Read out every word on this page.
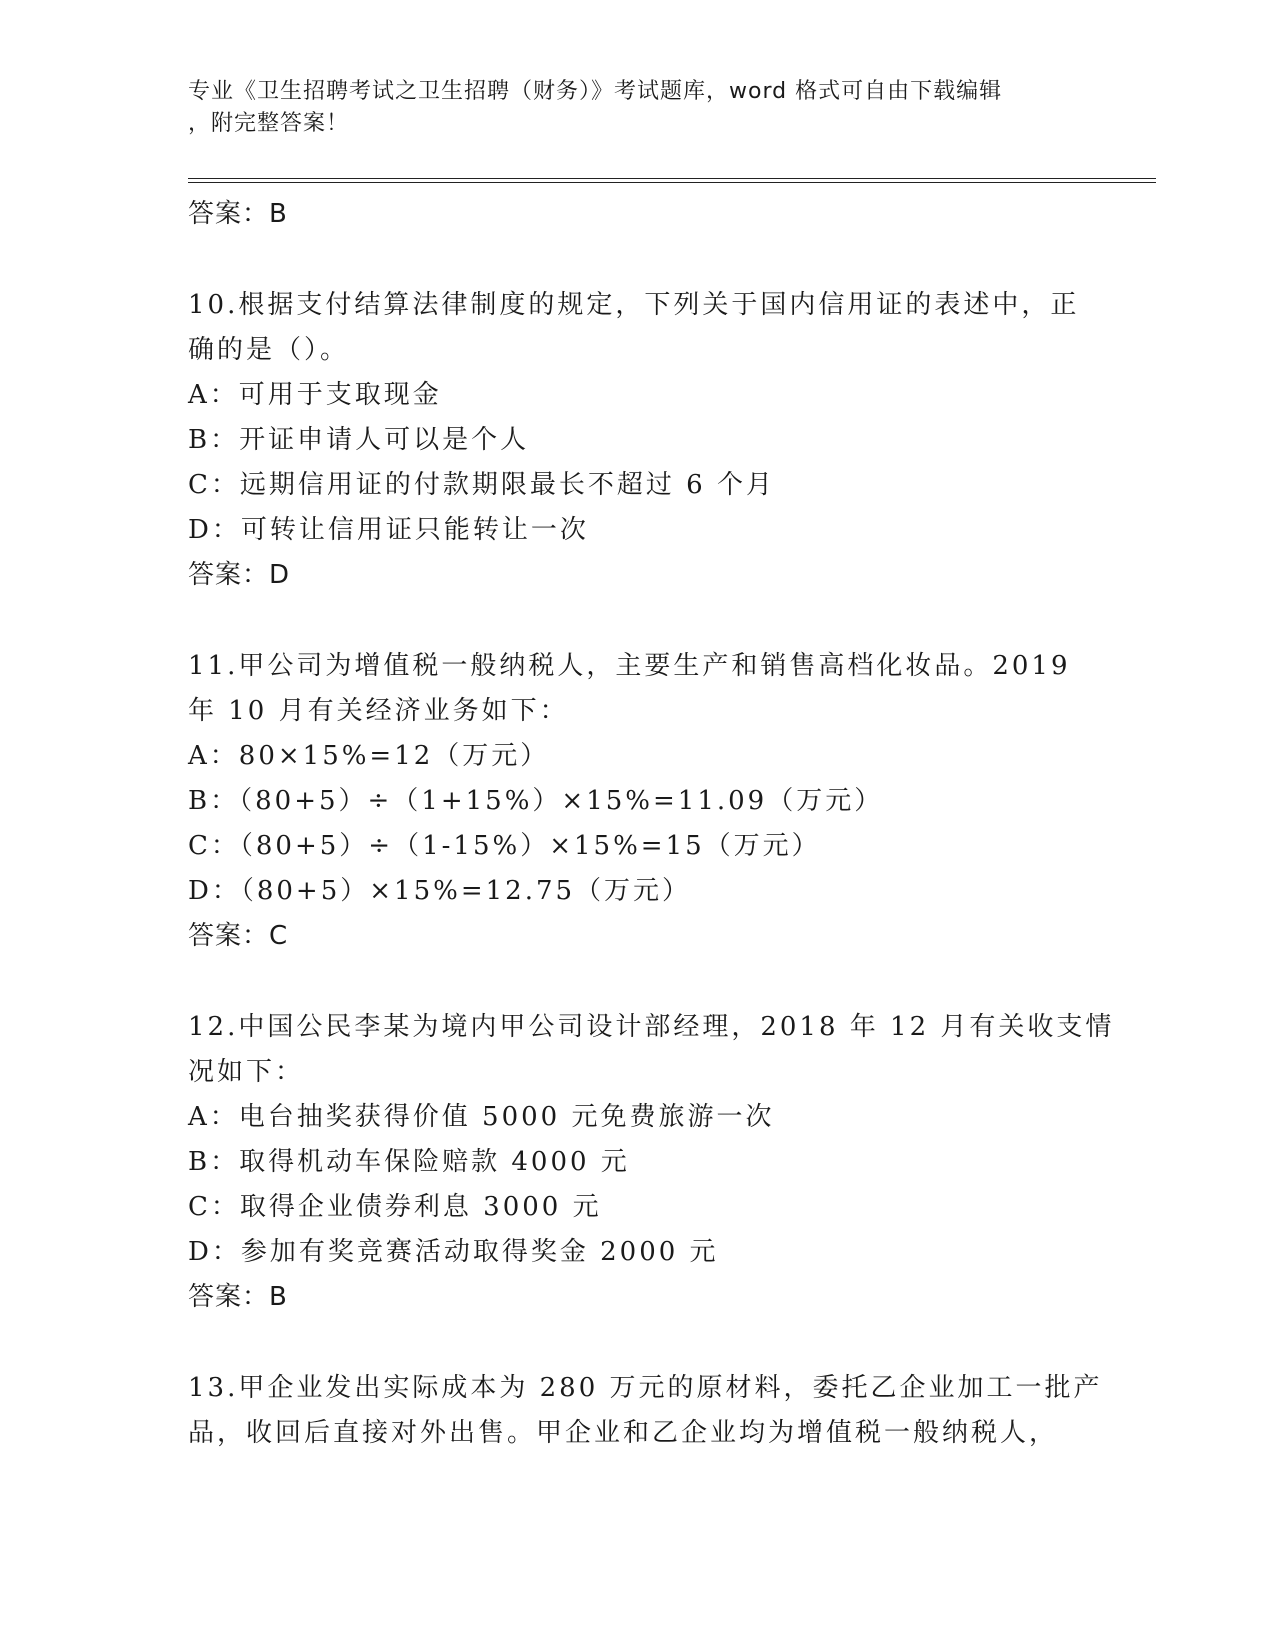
专业《卫生招聘考试之卫生招聘（财务）》考试题库，word 格式可自由下载编辑
，附完整答案！
答案：B
10.根据支付结算法律制度的规定，下列关于国内信用证的表述中，正
确的是（）。
A：可用于支取现金
B：开证申请人可以是个人
C：远期信用证的付款期限最长不超过 6 个月
D：可转让信用证只能转让一次
答案：D
11.甲公司为增值税一般纳税人，主要生产和销售高档化妆品。2019
年 10 月有关经济业务如下：
A：80×15%=12（万元）
B：（80+5）÷（1+15%）×15%=11.09（万元）
C：（80+5）÷（1-15%）×15%=15（万元）
D：（80+5）×15%=12.75（万元）
答案：C
12.中国公民李某为境内甲公司设计部经理，2018 年 12 月有关收支情
况如下：
A：电台抽奖获得价值 5000 元免费旅游一次
B：取得机动车保险赔款 4000 元
C：取得企业债券利息 3000 元
D：参加有奖竞赛活动取得奖金 2000 元
答案：B
13.甲企业发出实际成本为 280 万元的原材料，委托乙企业加工一批产
品，收回后直接对外出售。甲企业和乙企业均为增值税一般纳税人，
